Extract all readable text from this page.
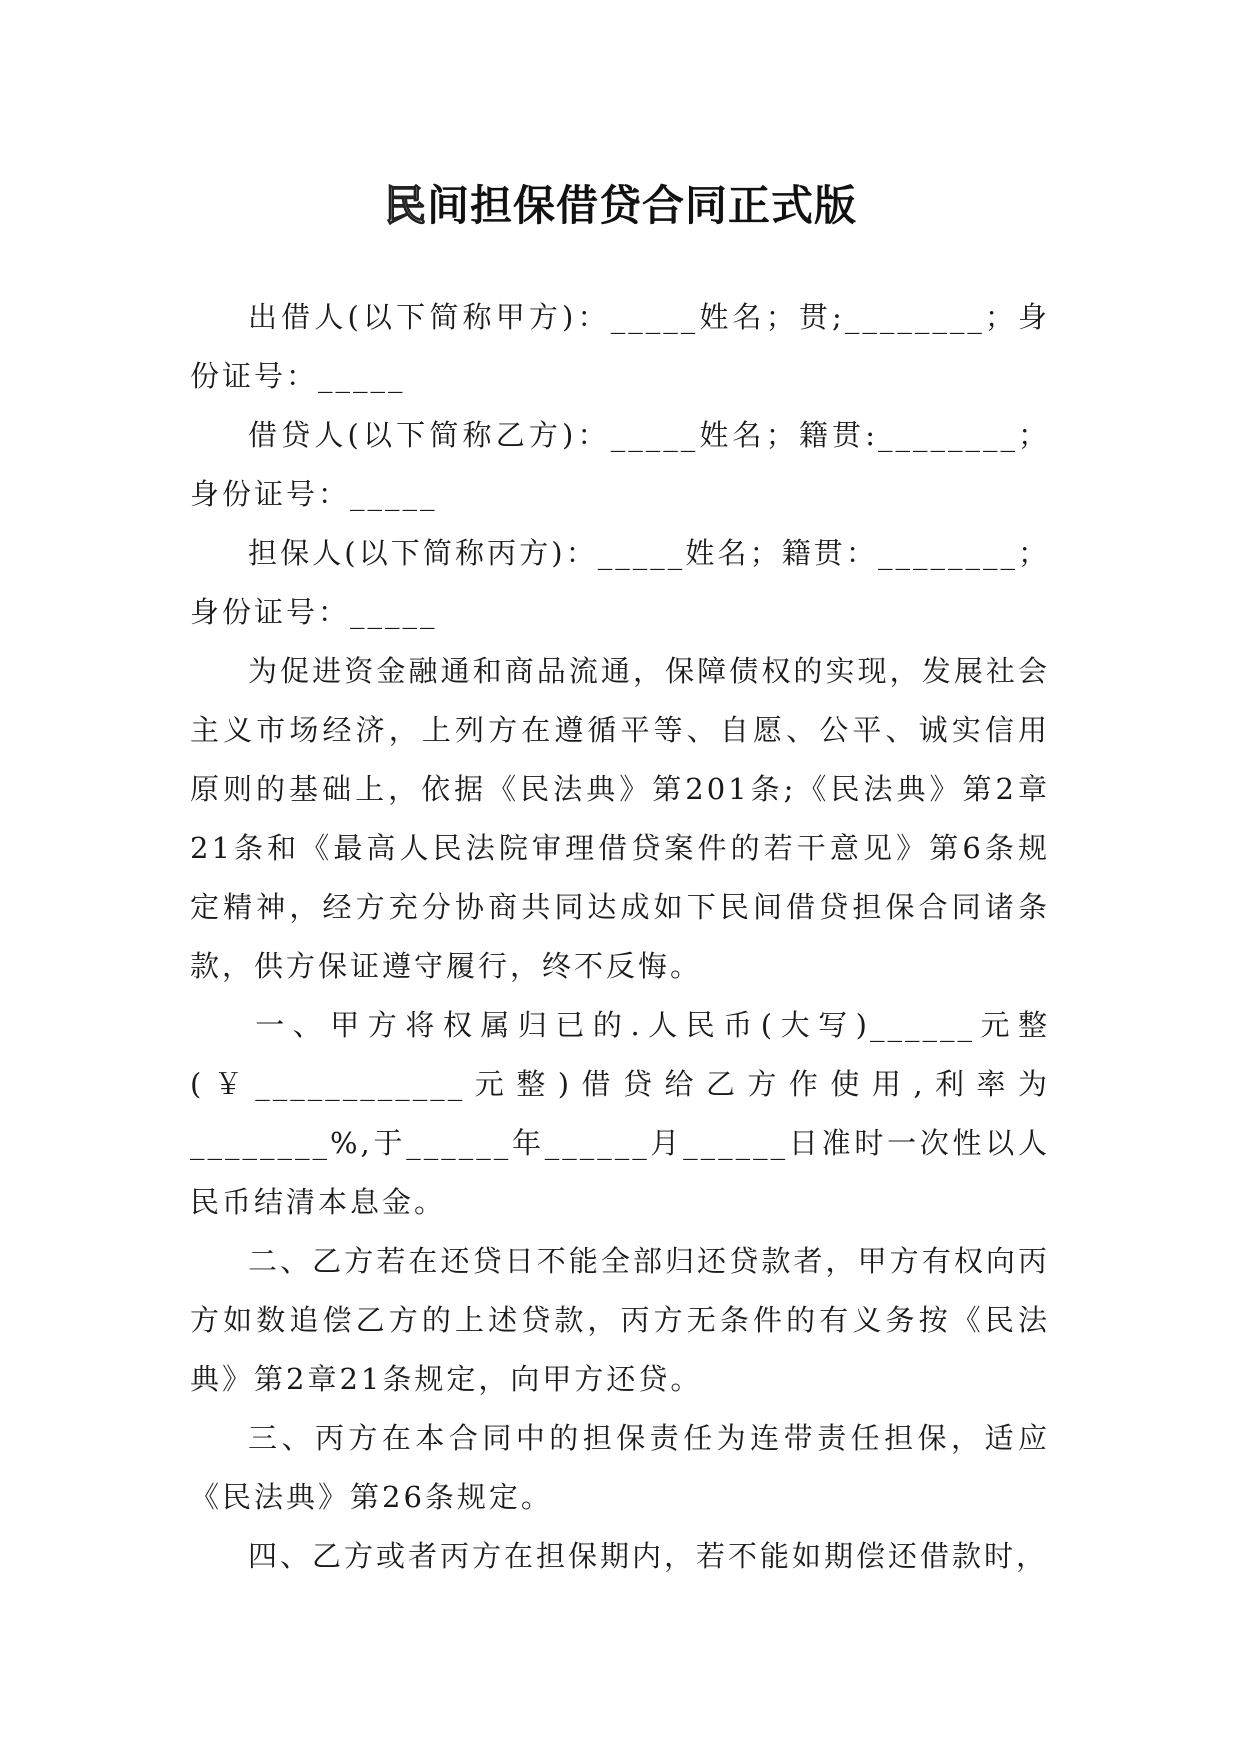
民间担保借贷合同正式版

出借人(以下简称甲方)：_____姓名；贯;________；身份证号：_____

借贷人(以下简称乙方)：_____姓名；籍贯:________；身份证号：_____

担保人(以下简称丙方)：_____姓名；籍贯：________；身份证号：_____

为促进资金融通和商品流通，保障债权的实现，发展社会主义市场经济，上列方在遵循平等、自愿、公平、诚实信用原则的基础上，依据《民法典》第201条;《民法典》第2章21条和《最高人民法院审理借贷案件的若干意见》第6条规定精神，经方充分协商共同达成如下民间借贷担保合同诸条款，供方保证遵守履行，终不反悔。

一、甲方将权属归已的.人民币(大写)______元整(￥____________元整)借贷给乙方作使用,利率为________%,于______年______月______日准时一次性以人民币结清本息金。

二、乙方若在还贷日不能全部归还贷款者，甲方有权向丙方如数追偿乙方的上述贷款，丙方无条件的有义务按《民法典》第2章21条规定，向甲方还贷。

三、丙方在本合同中的担保责任为连带责任担保，适应《民法典》第26条规定。

四、乙方或者丙方在担保期内，若不能如期偿还借款时，
